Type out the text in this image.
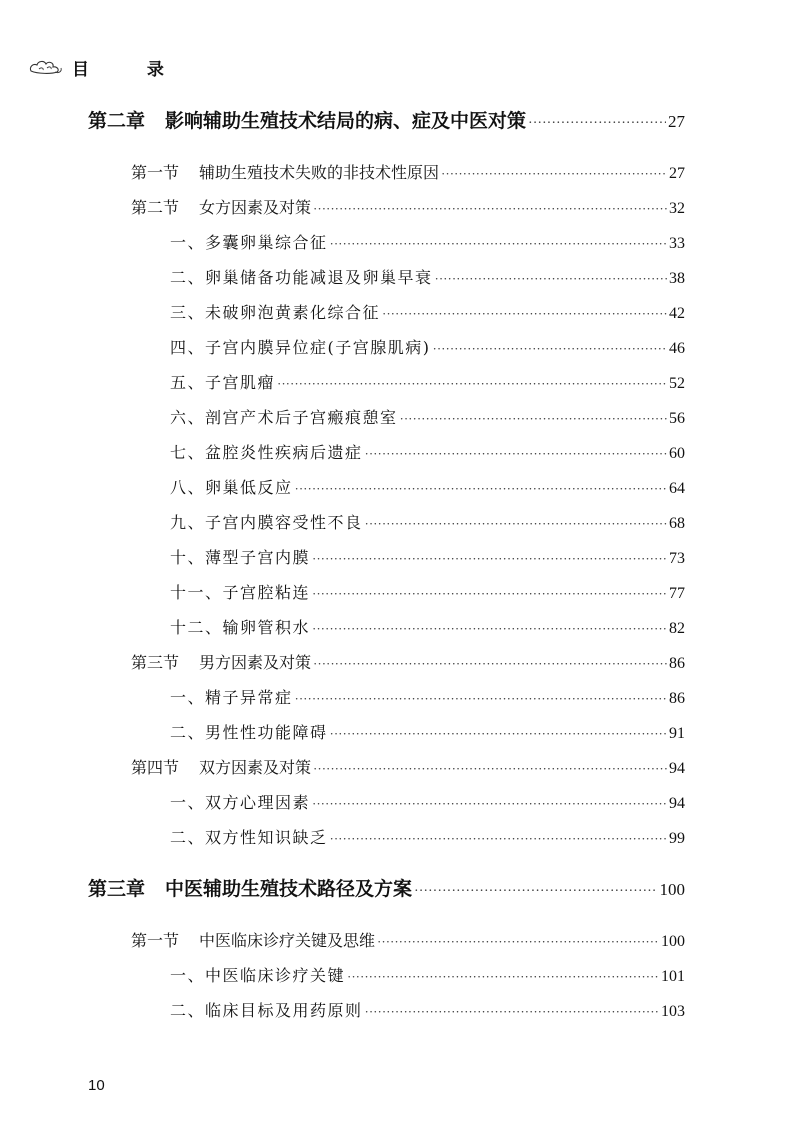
目 录
第二章 影响辅助生殖技术结局的病、症及中医对策 ·····	27
第一节 辅助生殖技术失败的非技术性原因 ·····	27
第二节 女方因素及对策 ·····	32
一、多囊卵巢综合征 ·····	33
二、卵巢储备功能减退及卵巢早衰 ·····	38
三、未破卵泡黄素化综合征 ·····	42
四、子宫内膜异位症(子宫腺肌病) ·····	46
五、子宫肌瘤 ·····	52
六、剖宫产术后子宫瘢痕憩室 ·····	56
七、盆腔炎性疾病后遗症 ·····	60
八、卵巢低反应 ·····	64
九、子宫内膜容受性不良 ·····	68
十、薄型子宫内膜 ·····	73
十一、子宫腔粘连 ·····	77
十二、输卵管积水 ·····	82
第三节 男方因素及对策 ·····	86
一、精子异常症 ·····	86
二、男性性功能障碍 ·····	91
第四节 双方因素及对策 ·····	94
一、双方心理因素 ·····	94
二、双方性知识缺乏 ·····	99
第三章 中医辅助生殖技术路径及方案 ·····	100
第一节 中医临床诊疗关键及思维 ·····	100
一、中医临床诊疗关键 ·····	101
二、临床目标及用药原则 ·····	103
10
